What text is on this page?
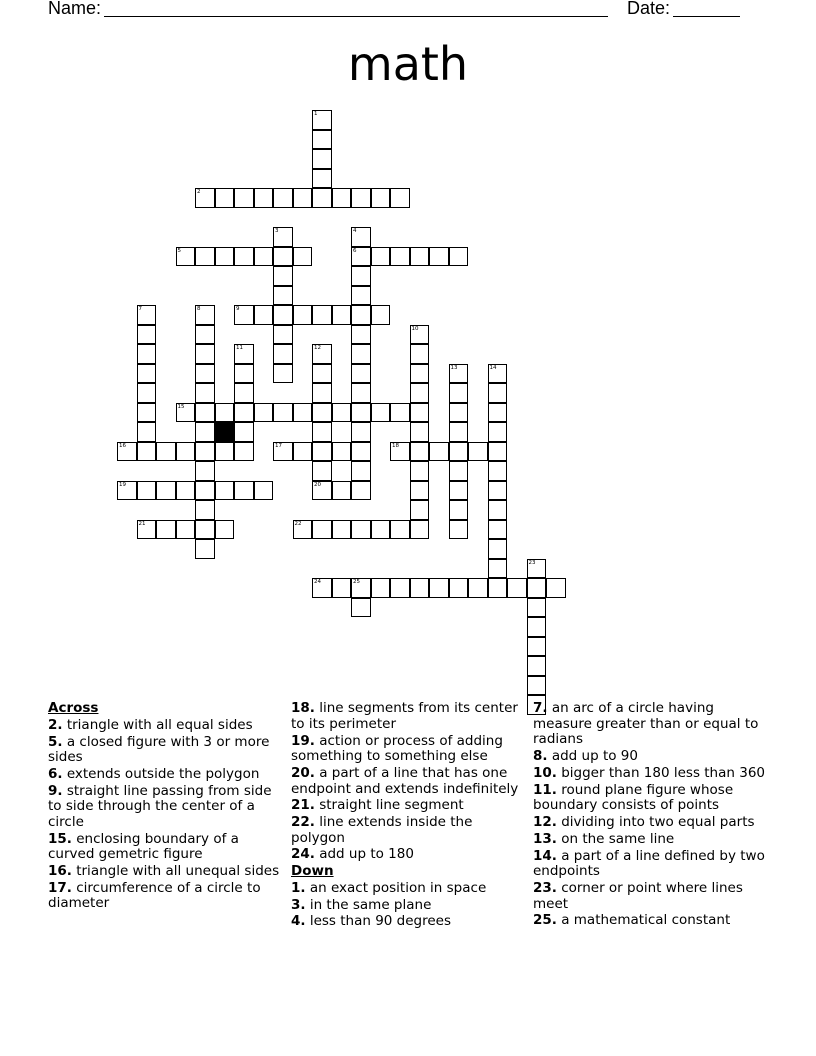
Name:	Date:
math
2
5	6
9
15
16	17	18
19	20
21	22
24	25
1
3	4
7	8
10
11	12
13	14
23
Across
2. triangle with all equal sides
5. a closed figure with 3 or more sides
6. extends outside the polygon
9. straight line passing from side to side through the center of a circle
15. enclosing boundary of a curved gemetric figure
16. triangle with all unequal sides
17. circumference of a circle to diameter
18. line segments from its center to its perimeter
19. action or process of adding something to something else
20. a part of a line that has one endpoint and extends indefinitely
21. straight line segment
22. line extends inside the polygon
24. add up to 180
Down
1. an exact position in space
3. in the same plane
4. less than 90 degrees
7. an arc of a circle having measure greater than or equal to radians
8. add up to 90
10. bigger than 180 less than 360
11. round plane figure whose boundary consists of points
12. dividing into two equal parts
13. on the same line
14. a part of a line defined by two endpoints
23. corner or point where lines meet
25. a mathematical constant
